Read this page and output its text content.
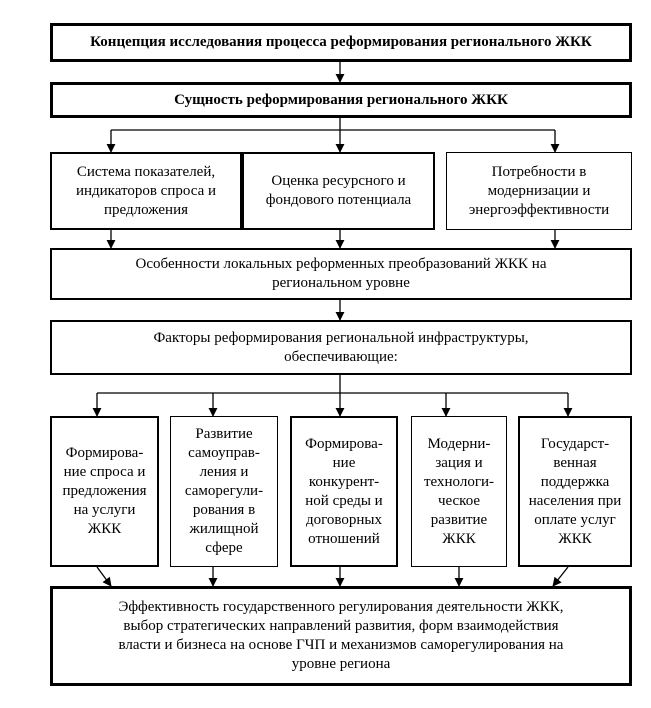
Концепция исследования процесса реформирования регионального ЖКК
Сущность реформирования регионального ЖКК
Система показателей,
индикаторов спроса и
предложения
Оценка ресурсного и
фондового потенциала
Потребности в
модернизации и
энергоэффективности
Особенности локальных реформенных преобразований ЖКК на
региональном уровне
Факторы реформирования региональной инфраструктуры,
обеспечивающие:
Формирова-
ние спроса и
предложения
на услуги
ЖКК
Развитие
самоуправ-
ления и
саморегули-
рования в
жилищной
сфере
Формирова-
ние
конкурент-
ной среды и
договорных
отношений
Модерни-
зация и
технологи-
ческое
развитие
ЖКК
Государст-
венная
поддержка
населения при
оплате услуг
ЖКК
Эффективность государственного регулирования деятельности ЖКК,
выбор стратегических направлений развития, форм взаимодействия
власти и бизнеса на основе ГЧП и механизмов саморегулирования на
уровне региона
